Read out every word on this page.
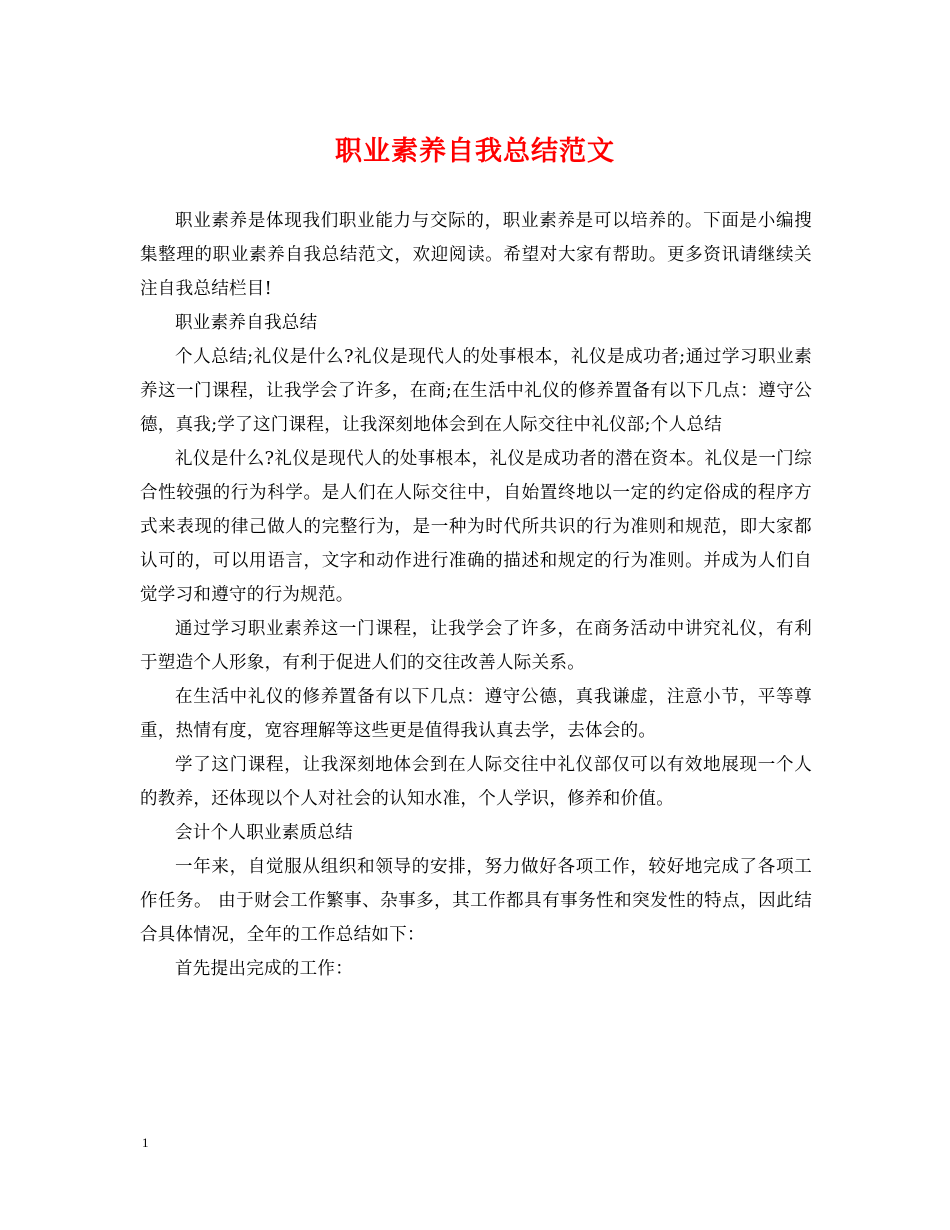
职业素养自我总结范文

职业素养是体现我们职业能力与交际的，职业素养是可以培养的。下面是小编搜集整理的职业素养自我总结范文，欢迎阅读。希望对大家有帮助。更多资讯请继续关注自我总结栏目!

职业素养自我总结

个人总结;礼仪是什么?礼仪是现代人的处事根本，礼仪是成功者;通过学习职业素养这一门课程，让我学会了许多，在商;在生活中礼仪的修养置备有以下几点：遵守公德，真我;学了这门课程，让我深刻地体会到在人际交往中礼仪部;个人总结

礼仪是什么?礼仪是现代人的处事根本，礼仪是成功者的潜在资本。礼仪是一门综合性较强的行为科学。是人们在人际交往中，自始置终地以一定的约定俗成的程序方式来表现的律己做人的完整行为，是一种为时代所共识的行为准则和规范，即大家都认可的，可以用语言，文字和动作进行准确的描述和规定的行为准则。并成为人们自觉学习和遵守的行为规范。

通过学习职业素养这一门课程，让我学会了许多，在商务活动中讲究礼仪，有利于塑造个人形象，有利于促进人们的交往改善人际关系。

在生活中礼仪的修养置备有以下几点：遵守公德，真我谦虚，注意小节，平等尊重，热情有度，宽容理解等这些更是值得我认真去学，去体会的。

学了这门课程，让我深刻地体会到在人际交往中礼仪部仅可以有效地展现一个人的教养，还体现以个人对社会的认知水准，个人学识，修养和价值。

会计个人职业素质总结

一年来，自觉服从组织和领导的安排，努力做好各项工作，较好地完成了各项工作任务。 由于财会工作繁事、杂事多，其工作都具有事务性和突发性的特点，因此结合具体情况，全年的工作总结如下：

首先提出完成的工作：

1
